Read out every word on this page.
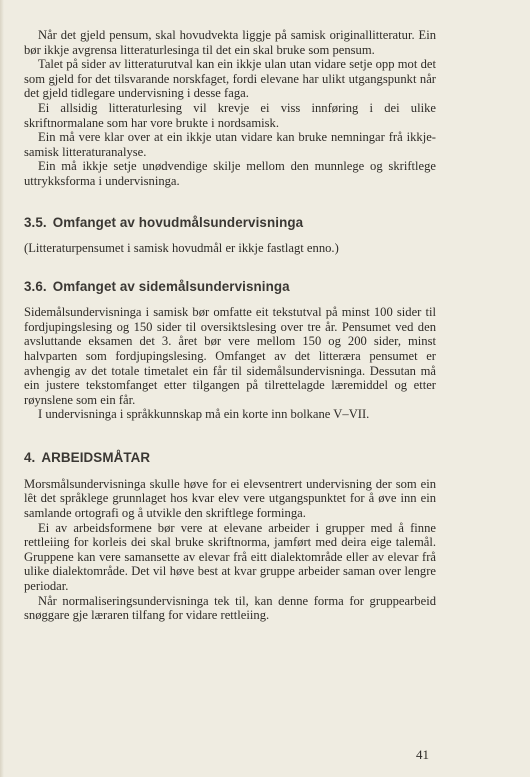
Når det gjeld pensum, skal hovudvekta liggje på samisk originallitteratur. Ein bør ikkje avgrensa litteraturlesinga til det ein skal bruke som pensum.

Talet på sider av litteraturutval kan ein ikkje ulan utan vidare setje opp mot det som gjeld for det tilsvarande norskfaget, fordi elevane har ulikt utgangspunkt når det gjeld tidlegare undervisning i desse faga.

Ei allsidig litteraturlesing vil krevje ei viss innføring i dei ulike skriftnormalane som har vore brukte i nordsamisk.

Ein må vere klar over at ein ikkje utan vidare kan bruke nemningar frå ikkje-samisk litteraturanalyse.

Ein må ikkje setje unødvendige skilje mellom den munnlege og skriftlege uttrykksforma i undervisninga.

3.5. Omfanget av hovudmålsundervisninga

(Litteraturpensumet i samisk hovudmål er ikkje fastlagt enno.)

3.6. Omfanget av sidemålsundervisninga

Sidemålsundervisninga i samisk bør omfatte eit tekstutval på minst 100 sider til fordjupingslesing og 150 sider til oversiktslesing over tre år. Pensumet ved den avsluttande eksamen det 3. året bør vere mellom 150 og 200 sider, minst halvparten som fordjupingslesing. Omfanget av det litteræra pensumet er avhengig av det totale timetalet ein får til sidemålsundervisninga. Dessutan må ein justere tekstomfanget etter tilgangen på tilrettelagde læremiddel og etter røynslene som ein får.

I undervisninga i språkkunnskap må ein korte inn bolkane V–VII.

4. ARBEIDSMÅTAR

Morsmålsundervisninga skulle høve for ei elevsentrert undervisning der som ein lêt det språklege grunnlaget hos kvar elev vere utgangspunktet for å øve inn ein samlande ortografi og å utvikle den skriftlege forminga.

Ei av arbeidsformene bør vere at elevane arbeider i grupper med å finne rettleiing for korleis dei skal bruke skriftnorma, jamført med deira eige talemål. Gruppene kan vere samansette av elevar frå eitt dialektområde eller av elevar frå ulike dialektområde. Det vil høve best at kvar gruppe arbeider saman over lengre periodar.

Når normaliseringsundervisninga tek til, kan denne forma for gruppearbeid snøggare gje læraren tilfang for vidare rettleiing.

41
